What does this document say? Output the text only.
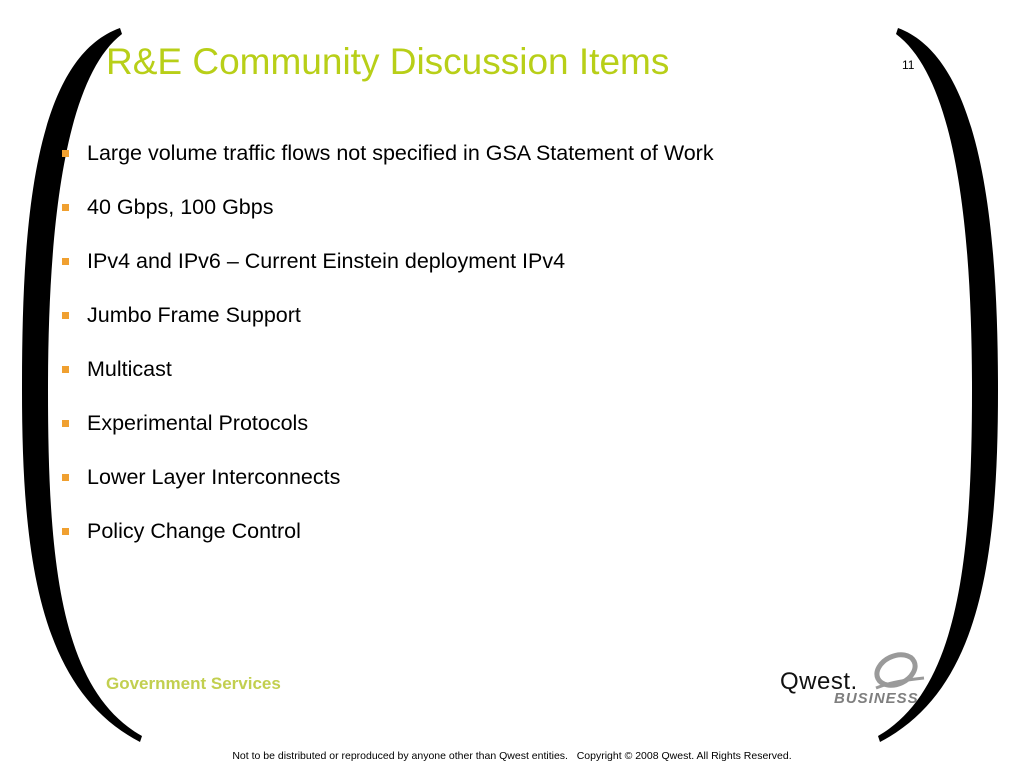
R&E Community Discussion Items	11
Large volume traffic flows not specified in GSA Statement of Work
40 Gbps, 100 Gbps
IPv4 and IPv6 – Current Einstein deployment IPv4
Jumbo Frame Support
Multicast
Experimental Protocols
Lower Layer Interconnects
Policy Change Control
Government Services	Qwest.
BUSINESS
Not to be distributed or reproduced by anyone other than Qwest entities.   Copyright © 2008 Qwest. All Rights Reserved.
